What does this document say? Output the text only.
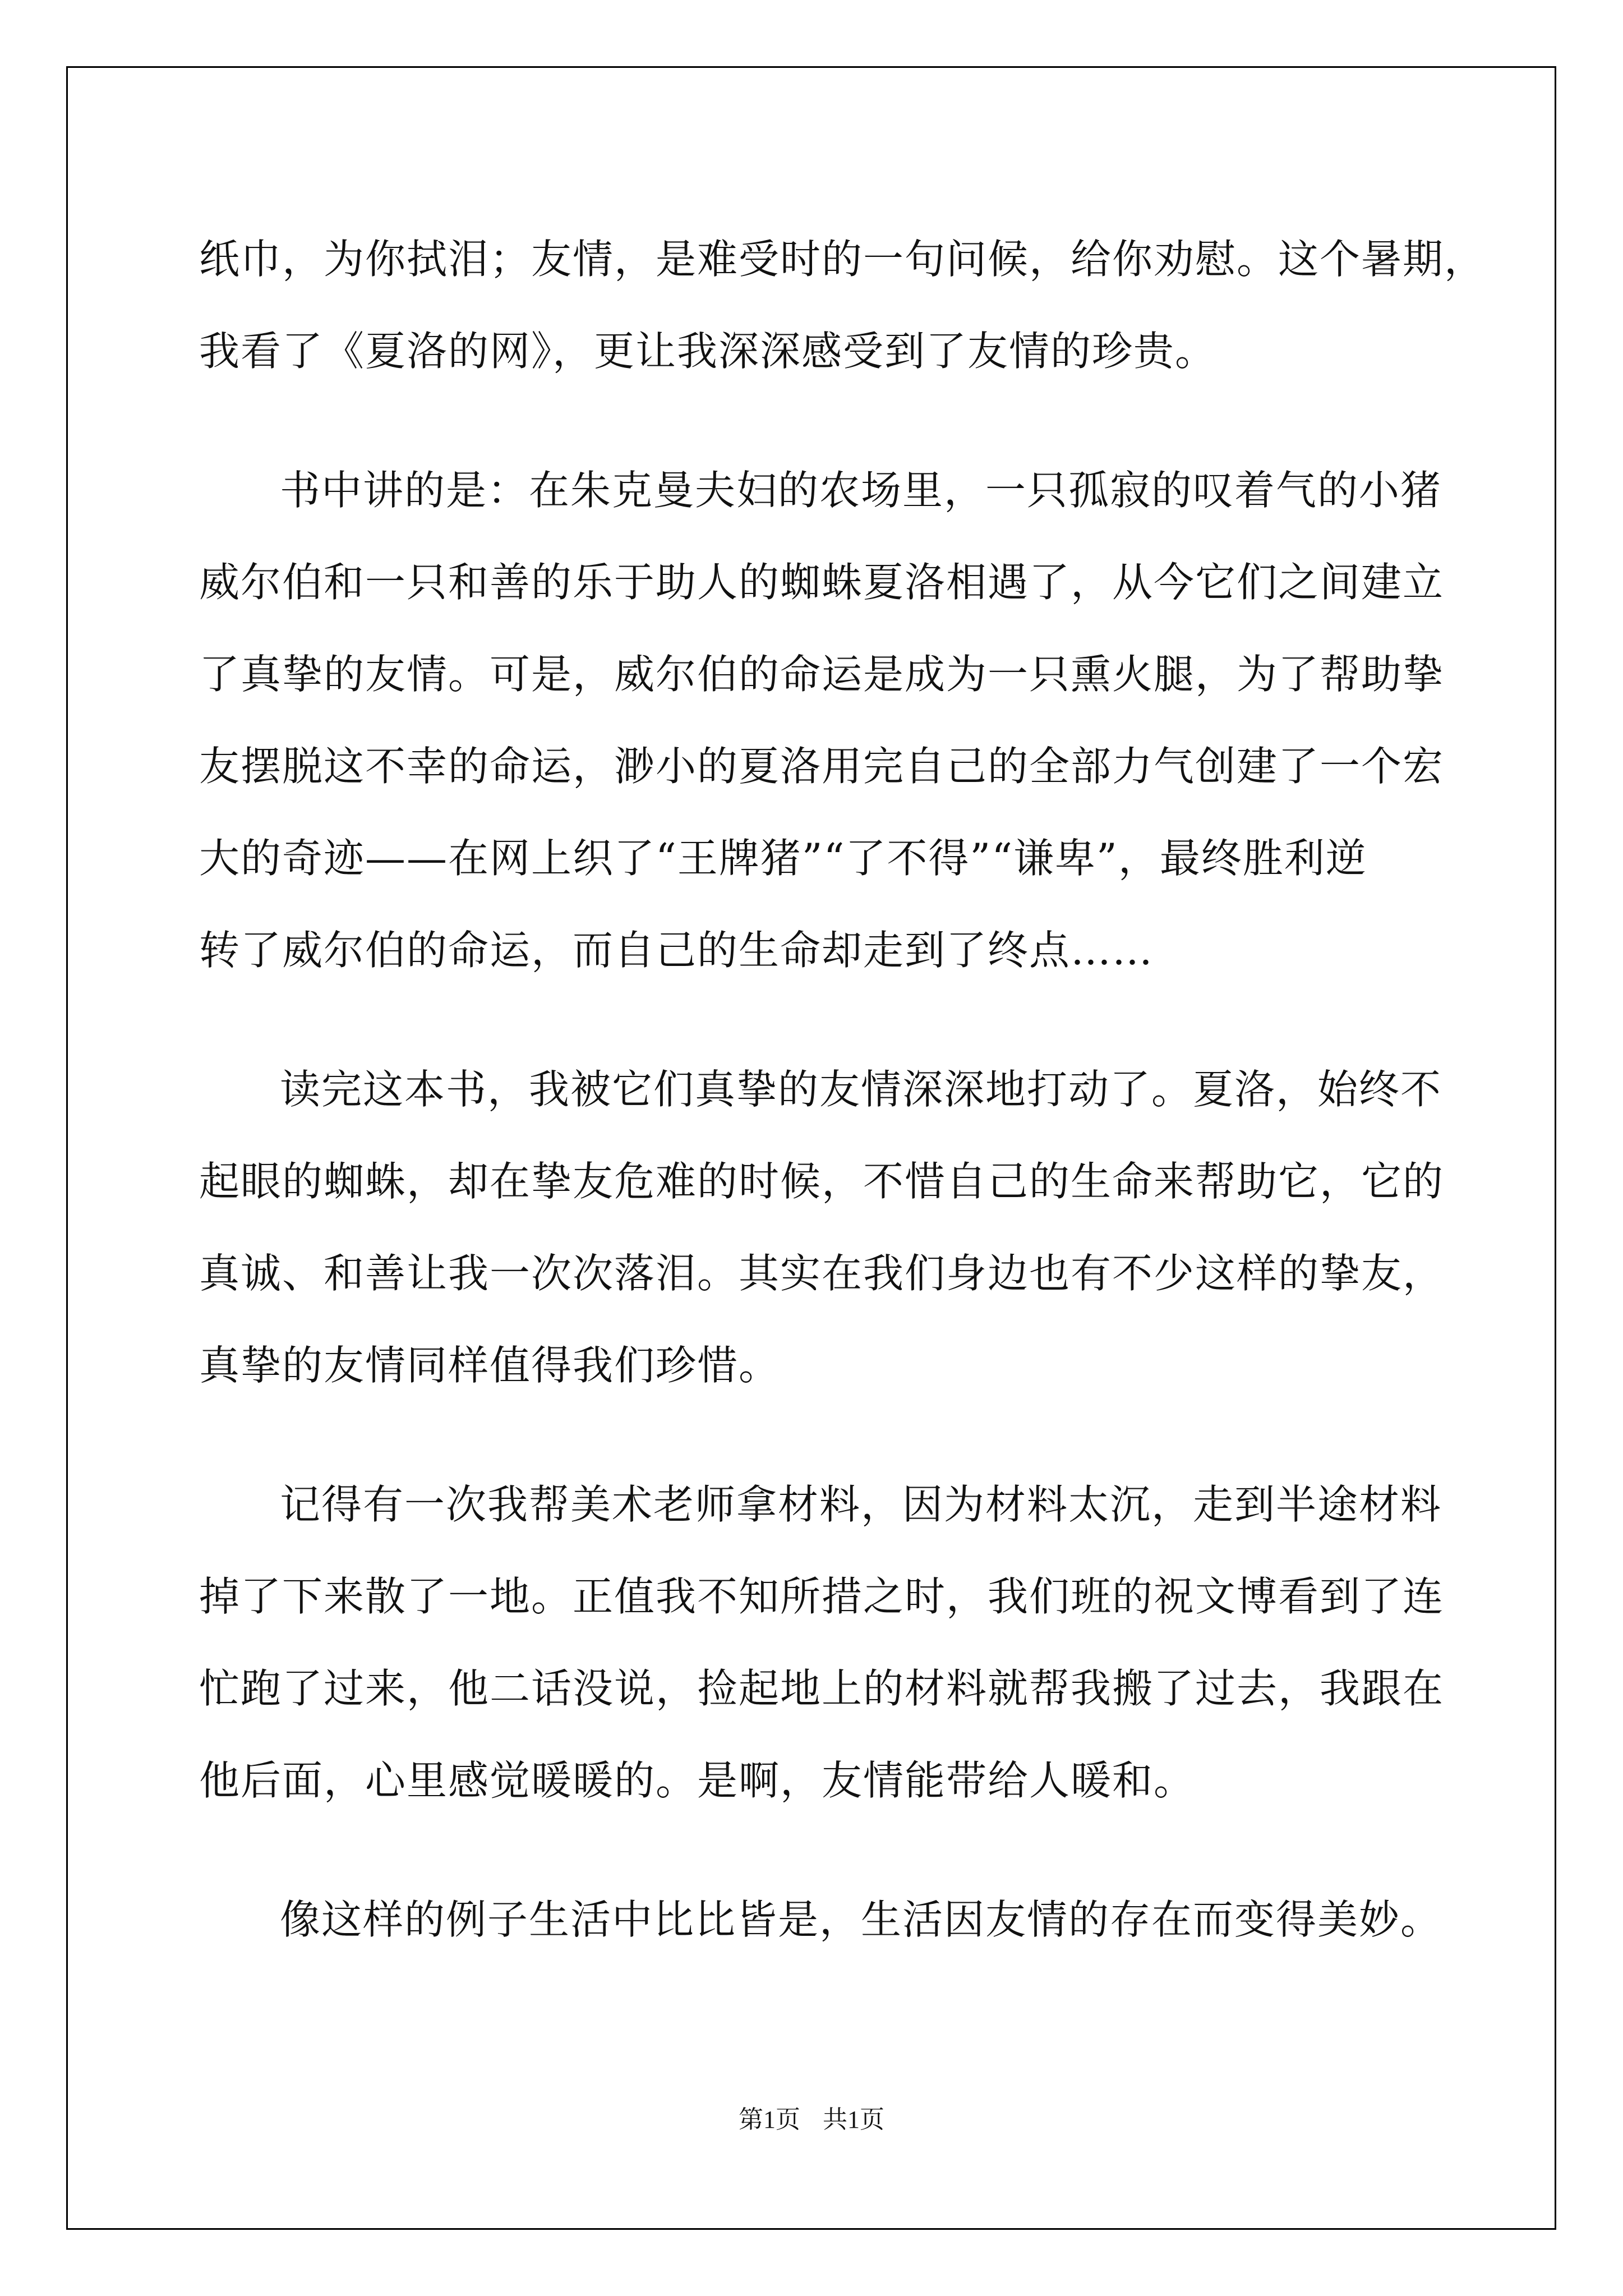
纸巾，为你拭泪；友情，是难受时的一句问候，给你劝慰。这个暑期，
我看了《夏洛的网》，更让我深深感受到了友情的珍贵。
书中讲的是：在朱克曼夫妇的农场里，一只孤寂的叹着气的小猪
威尔伯和一只和善的乐于助人的蜘蛛夏洛相遇了，从今它们之间建立
了真挚的友情。可是，威尔伯的命运是成为一只熏火腿，为了帮助挚
友摆脱这不幸的命运，渺小的夏洛用完自己的全部力气创建了一个宏
大的奇迹——在网上织了“王牌猪”“了不得”“谦卑”，最终胜利逆
转了威尔伯的命运，而自己的生命却走到了终点……
读完这本书，我被它们真挚的友情深深地打动了。夏洛，始终不
起眼的蜘蛛，却在挚友危难的时候，不惜自己的生命来帮助它，它的
真诚、和善让我一次次落泪。其实在我们身边也有不少这样的挚友，
真挚的友情同样值得我们珍惜。
记得有一次我帮美术老师拿材料，因为材料太沉，走到半途材料
掉了下来散了一地。正值我不知所措之时，我们班的祝文博看到了连
忙跑了过来，他二话没说，捡起地上的材料就帮我搬了过去，我跟在
他后面，心里感觉暖暖的。是啊，友情能带给人暖和。
像这样的例子生活中比比皆是，生活因友情的存在而变得美妙。
第1页 共1页
